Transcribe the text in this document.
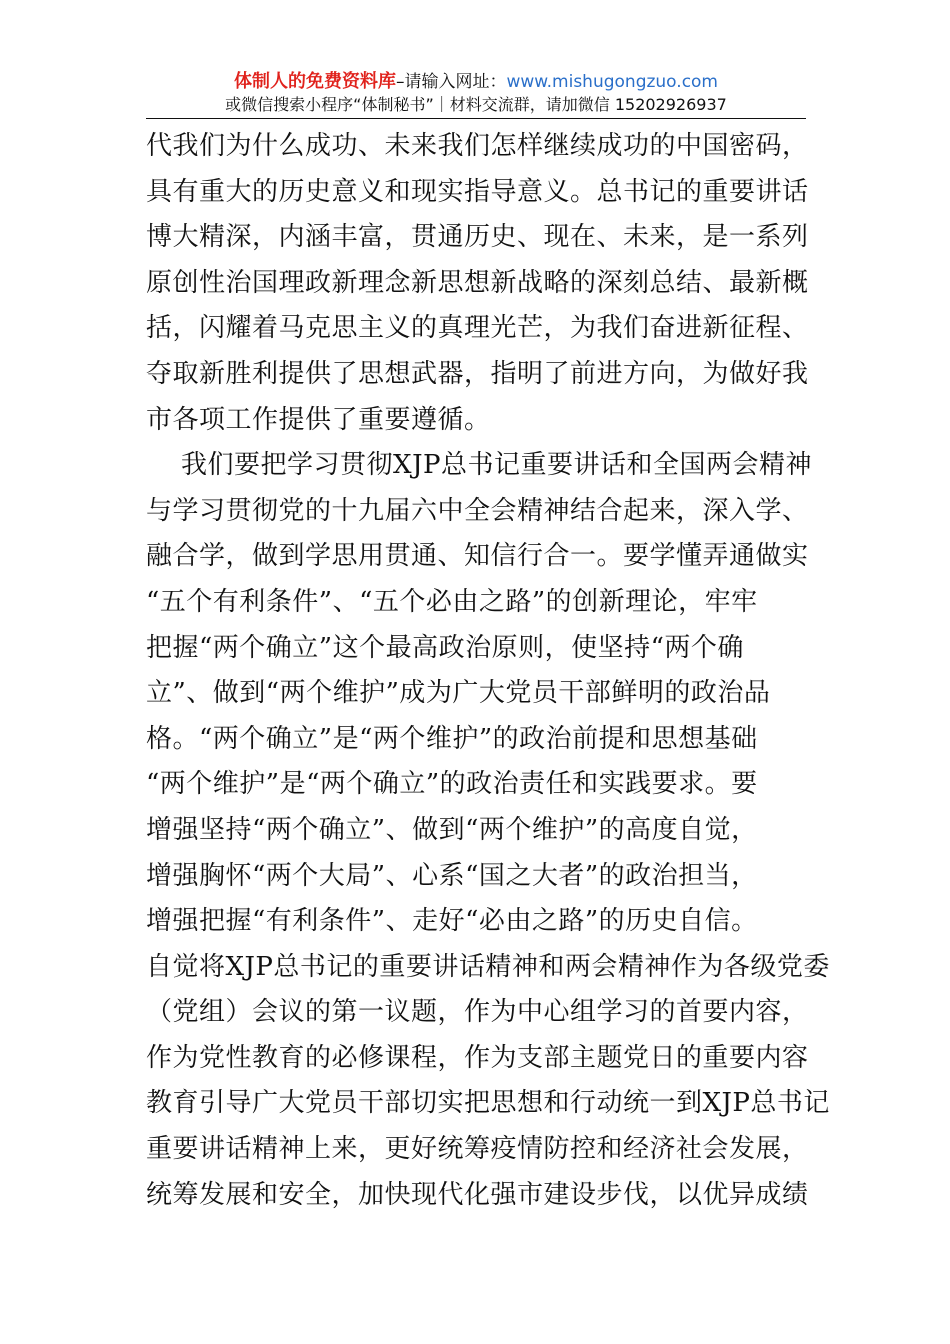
体制人的免费资料库–请输入网址：www.mishugongzuo.com
或微信搜索小程序“体制秘书”｜材料交流群，请加微信 15202926937
代我们为什么成功、未来我们怎样继续成功的中国密码，
具有重大的历史意义和现实指导意义。总书记的重要讲话
博大精深，内涵丰富，贯通历史、现在、未来，是一系列
原创性治国理政新理念新思想新战略的深刻总结、最新概
括，闪耀着马克思主义的真理光芒，为我们奋进新征程、
夺取新胜利提供了思想武器，指明了前进方向，为做好我
市各项工作提供了重要遵循。
我们要把学习贯彻XJP总书记重要讲话和全国两会精神
与学习贯彻党的十九届六中全会精神结合起来，深入学、
融合学，做到学思用贯通、知信行合一。要学懂弄通做实
“五个有利条件”、“五个必由之路”的创新理论，牢牢
把握“两个确立”这个最高政治原则，使坚持“两个确
立”、做到“两个维护”成为广大党员干部鲜明的政治品
格。“两个确立”是“两个维护”的政治前提和思想基础
“两个维护”是“两个确立”的政治责任和实践要求。要
增强坚持“两个确立”、做到“两个维护”的高度自觉，
增强胸怀“两个大局”、心系“国之大者”的政治担当，
增强把握“有利条件”、走好“必由之路”的历史自信。
自觉将XJP总书记的重要讲话精神和两会精神作为各级党委
（党组）会议的第一议题，作为中心组学习的首要内容，
作为党性教育的必修课程，作为支部主题党日的重要内容
教育引导广大党员干部切实把思想和行动统一到XJP总书记
重要讲话精神上来，更好统筹疫情防控和经济社会发展，
统筹发展和安全，加快现代化强市建设步伐，以优异成绩
